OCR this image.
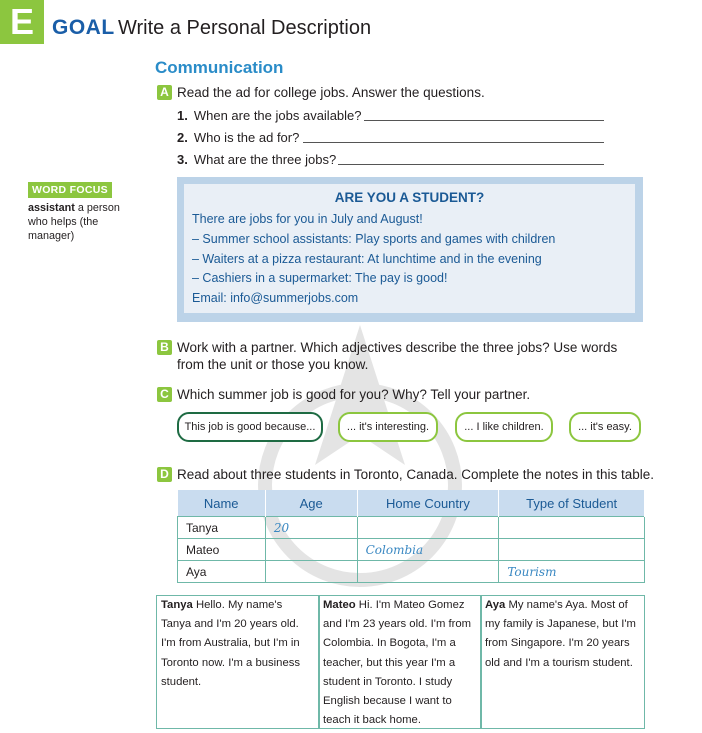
E GOAL Write a Personal Description
Communication
A Read the ad for college jobs. Answer the questions.
1. When are the jobs available?
2. Who is the ad for?
3. What are the three jobs?
WORD FOCUS
assistant a person who helps (the manager)
ARE YOU A STUDENT?
There are jobs for you in July and August!
– Summer school assistants: Play sports and games with children
– Waiters at a pizza restaurant: At lunchtime and in the evening
– Cashiers in a supermarket: The pay is good!
Email: info@summerjobs.com
B Work with a partner. Which adjectives describe the three jobs? Use words from the unit or those you know.
C Which summer job is good for you? Why? Tell your partner.
This job is good because...	... it's interesting.	... I like children.	... it's easy.
D Read about three students in Toronto, Canada. Complete the notes in this table.
Name	Age	Home Country	Type of Student
Tanya	20		
Mateo		Colombia	
Aya			Tourism
Tanya Hello. My name's Tanya and I'm 20 years old. I'm from Australia, but I'm in Toronto now. I'm a business student.
Mateo Hi. I'm Mateo Gomez and I'm 23 years old. I'm from Colombia. In Bogota, I'm a teacher, but this year I'm a student in Toronto. I study English because I want to teach it back home.
Aya My name's Aya. Most of my family is Japanese, but I'm from Singapore. I'm 20 years old and I'm a tourism student.
